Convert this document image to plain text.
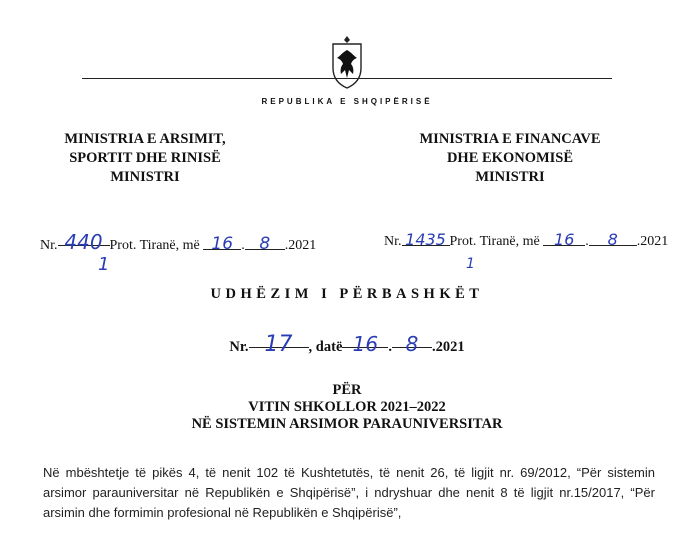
REPUBLIKA E SHQIPËRISË
MINISTRIA E ARSIMIT,
SPORTIT DHE RINISË
MINISTRI
MINISTRIA E FINANCAVE
DHE EKONOMISË
MINISTRI
Nr. 440 Prot. Tiranë, më 16 . 8 .2021
1
Nr. 1435 Prot. Tiranë, më 16 . 8 .2021
1
UDHËZIM I PËRBASHKËT
Nr. 17 , datë 16 . 8 .2021
PËR
VITIN SHKOLLOR 2021–2022
NË SISTEMIN ARSIMOR PARAUNIVERSITAR
Në mbështetje të pikës 4, të nenit 102 të Kushtetutës, të nenit 26, të ligjit nr. 69/2012, “Për sistemin arsimor parauniversitar në Republikën e Shqipërisë”, i ndryshuar dhe nenit 8 të ligjit nr.15/2017, “Për arsimin dhe formimin profesional në Republikën e Shqipërisë”,
